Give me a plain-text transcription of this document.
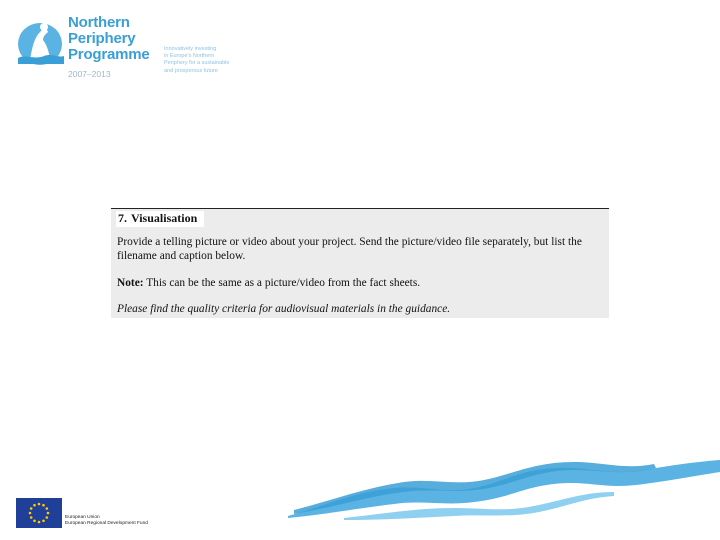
Northern
Periphery
Programme
2007–2013
Innovatively investing
in Europe's Northern
Periphery for a sustainable
and prosperous future
7. Visualisation

Provide a telling picture or video about your project. Send the picture/video file separately, but list the filename and caption below.

Note: This can be the same as a picture/video from the fact sheets.

Please find the quality criteria for audiovisual materials in the guidance.

European Union
European Regional Development Fund
